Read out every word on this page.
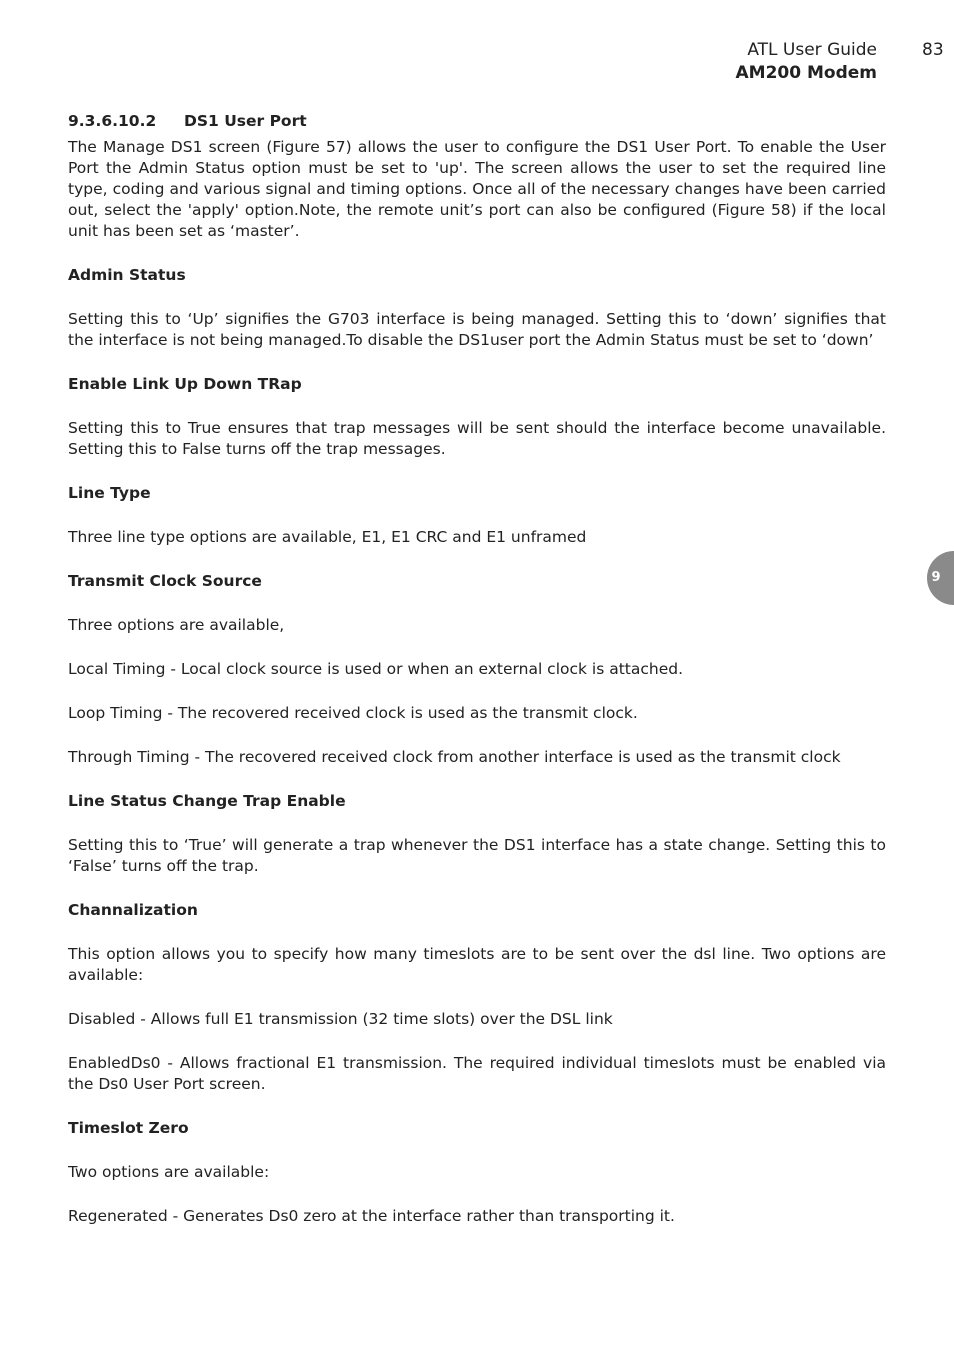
ATL User Guide
AM200 Modem
83
9
9.3.6.10.2 DS1 User Port

The Manage DS1 screen (Figure 57) allows the user to configure the DS1 User Port. To enable the User Port the Admin Status option must be set to 'up'. The screen allows the user to set the required line type, coding and various signal and timing options. Once all of the necessary changes have been carried out, select the 'apply' option.Note, the remote unit’s port can also be configured (Figure 58) if the local unit has been set as ‘master’.

Admin Status

Setting this to ‘Up’ signifies the G703 interface is being managed. Setting this to ‘down’ signifies that the interface is not being managed.To disable the DS1user port the Admin Status must be set to ‘down’

Enable Link Up Down TRap

Setting this to True ensures that trap messages will be sent should the interface become unavailable. Setting this to False turns off the trap messages.

Line Type

Three line type options are available, E1, E1 CRC and E1 unframed

Transmit Clock Source

Three options are available,

Local Timing - Local clock source is used or when an external clock is attached.

Loop Timing - The recovered received clock is used as the transmit clock.

Through Timing - The recovered received clock from another interface is used as the transmit clock

Line Status Change Trap Enable

Setting this to ‘True’ will generate a trap whenever the DS1 interface has a state change. Setting this to ‘False’ turns off the trap.

Channalization

This option allows you to specify how many timeslots are to be sent over the dsl line. Two options are available:

Disabled - Allows full E1 transmission (32 time slots) over the DSL link

EnabledDs0 - Allows fractional E1 transmission. The required individual timeslots must be enabled via the Ds0 User Port screen.

Timeslot Zero

Two options are available:

Regenerated - Generates Ds0 zero at the interface rather than transporting it.
